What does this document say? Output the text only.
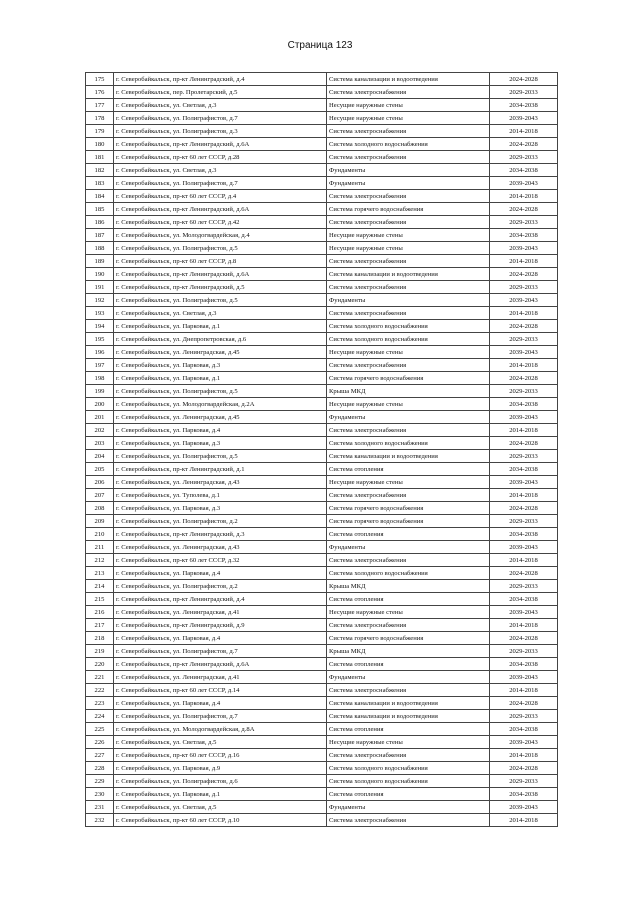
Страница 123
175	г. Северобайкальск, пр-кт Ленинградский, д.4	Система канализации и водоотведения	2024-2028
176	г. Северобайкальск, пер. Пролетарский, д.5	Система электроснабжения	2029-2033
177	г. Северобайкальск, ул. Светлая, д.3	Несущие наружные стены	2034-2038
178	г. Северобайкальск, ул. Полиграфистов, д.7	Несущие наружные стены	2039-2043
179	г. Северобайкальск, ул. Полиграфистов, д.3	Система электроснабжения	2014-2018
180	г. Северобайкальск, пр-кт Ленинградский, д.6А	Система холодного водоснабжения	2024-2028
181	г. Северобайкальск, пр-кт 60 лет СССР, д.28	Система электроснабжения	2029-2033
182	г. Северобайкальск, ул. Светлая, д.3	Фундаменты	2034-2038
183	г. Северобайкальск, ул. Полиграфистов, д.7	Фундаменты	2039-2043
184	г. Северобайкальск, пр-кт 60 лет СССР, д.4	Система электроснабжения	2014-2018
185	г. Северобайкальск, пр-кт Ленинградский, д.6А	Система горячего водоснабжения	2024-2028
186	г. Северобайкальск, пр-кт 60 лет СССР, д.42	Система электроснабжения	2029-2033
187	г. Северобайкальск, ул. Молодогвардейская, д.4	Несущие наружные стены	2034-2038
188	г. Северобайкальск, ул. Полиграфистов, д.5	Несущие наружные стены	2039-2043
189	г. Северобайкальск, пр-кт 60 лет СССР, д.8	Система электроснабжения	2014-2018
190	г. Северобайкальск, пр-кт Ленинградский, д.6А	Система канализации и водоотведения	2024-2028
191	г. Северобайкальск, пр-кт Ленинградский, д.5	Система электроснабжения	2029-2033
192	г. Северобайкальск, ул. Полиграфистов, д.5	Фундаменты	2039-2043
193	г. Северобайкальск, ул. Светлая, д.3	Система электроснабжения	2014-2018
194	г. Северобайкальск, ул. Парковая, д.1	Система холодного водоснабжения	2024-2028
195	г. Северобайкальск, ул. Днепропетровская, д.6	Система холодного водоснабжения	2029-2033
196	г. Северобайкальск, ул. Ленинградская, д.45	Несущие наружные стены	2039-2043
197	г. Северобайкальск, ул. Парковая, д.3	Система электроснабжения	2014-2018
198	г. Северобайкальск, ул. Парковая, д.1	Система горячего водоснабжения	2024-2028
199	г. Северобайкальск, ул. Полиграфистов, д.5	Крыша МКД	2029-2033
200	г. Северобайкальск, ул. Молодогвардейская, д.2А	Несущие наружные стены	2034-2038
201	г. Северобайкальск, ул. Ленинградская, д.45	Фундаменты	2039-2043
202	г. Северобайкальск, ул. Парковая, д.4	Система электроснабжения	2014-2018
203	г. Северобайкальск, ул. Парковая, д.3	Система холодного водоснабжения	2024-2028
204	г. Северобайкальск, ул. Полиграфистов, д.5	Система канализации и водоотведения	2029-2033
205	г. Северобайкальск, пр-кт Ленинградский, д.1	Система отопления	2034-2038
206	г. Северобайкальск, ул. Ленинградская, д.43	Несущие наружные стены	2039-2043
207	г. Северобайкальск, ул. Туполева, д.1	Система электроснабжения	2014-2018
208	г. Северобайкальск, ул. Парковая, д.3	Система горячего водоснабжения	2024-2028
209	г. Северобайкальск, ул. Полиграфистов, д.2	Система горячего водоснабжения	2029-2033
210	г. Северобайкальск, пр-кт Ленинградский, д.3	Система отопления	2034-2038
211	г. Северобайкальск, ул. Ленинградская, д.43	Фундаменты	2039-2043
212	г. Северобайкальск, пр-кт 60 лет СССР, д.32	Система электроснабжения	2014-2018
213	г. Северобайкальск, ул. Парковая, д.4	Система холодного водоснабжения	2024-2028
214	г. Северобайкальск, ул. Полиграфистов, д.2	Крыша МКД	2029-2033
215	г. Северобайкальск, пр-кт Ленинградский, д.4	Система отопления	2034-2038
216	г. Северобайкальск, ул. Ленинградская, д.41	Несущие наружные стены	2039-2043
217	г. Северобайкальск, пр-кт Ленинградский, д.9	Система электроснабжения	2014-2018
218	г. Северобайкальск, ул. Парковая, д.4	Система горячего водоснабжения	2024-2028
219	г. Северобайкальск, ул. Полиграфистов, д.7	Крыша МКД	2029-2033
220	г. Северобайкальск, пр-кт Ленинградский, д.6А	Система отопления	2034-2038
221	г. Северобайкальск, ул. Ленинградская, д.41	Фундаменты	2039-2043
222	г. Северобайкальск, пр-кт 60 лет СССР, д.14	Система электроснабжения	2014-2018
223	г. Северобайкальск, ул. Парковая, д.4	Система канализации и водоотведения	2024-2028
224	г. Северобайкальск, ул. Полиграфистов, д.7	Система канализации и водоотведения	2029-2033
225	г. Северобайкальск, ул. Молодогвардейская, д.8А	Система отопления	2034-2038
226	г. Северобайкальск, ул. Светлая, д.5	Несущие наружные стены	2039-2043
227	г. Северобайкальск, пр-кт 60 лет СССР, д.16	Система электроснабжения	2014-2018
228	г. Северобайкальск, ул. Парковая, д.9	Система холодного водоснабжения	2024-2028
229	г. Северобайкальск, ул. Полиграфистов, д.6	Система холодного водоснабжения	2029-2033
230	г. Северобайкальск, ул. Парковая, д.1	Система отопления	2034-2038
231	г. Северобайкальск, ул. Светлая, д.5	Фундаменты	2039-2043
232	г. Северобайкальск, пр-кт 60 лет СССР, д.10	Система электроснабжения	2014-2018
